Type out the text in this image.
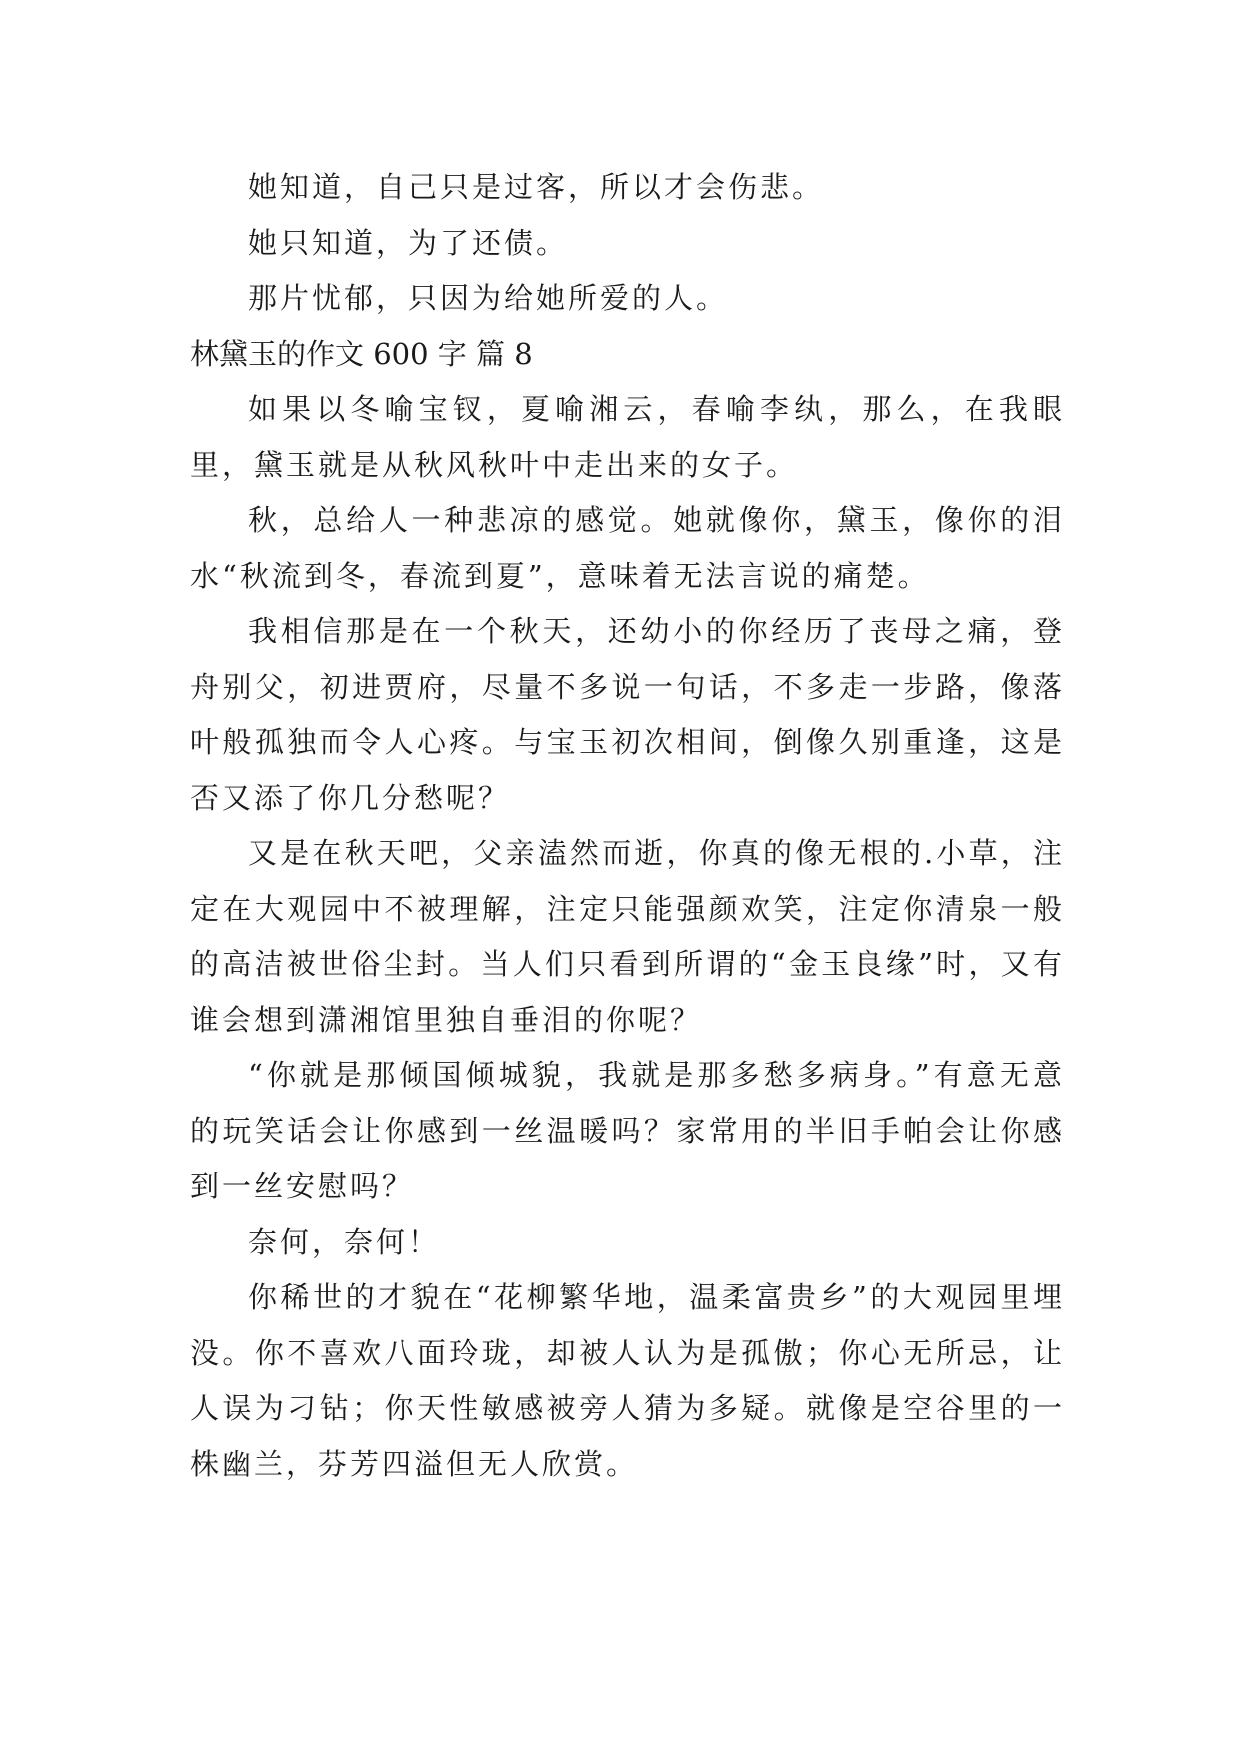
她知道，自己只是过客，所以才会伤悲。

她只知道，为了还债。

那片忧郁，只因为给她所爱的人。

林黛玉的作文 600 字 篇 8

如果以冬喻宝钗，夏喻湘云，春喻李纨，那么，在我眼里，黛玉就是从秋风秋叶中走出来的女子。

秋，总给人一种悲凉的感觉。她就像你，黛玉，像你的泪水“秋流到冬，春流到夏”，意味着无法言说的痛楚。

我相信那是在一个秋天，还幼小的你经历了丧母之痛，登舟别父，初进贾府，尽量不多说一句话，不多走一步路，像落叶般孤独而令人心疼。与宝玉初次相间，倒像久别重逢，这是否又添了你几分愁呢？

又是在秋天吧，父亲溘然而逝，你真的像无根的.小草，注定在大观园中不被理解，注定只能强颜欢笑，注定你清泉一般的高洁被世俗尘封。当人们只看到所谓的“金玉良缘”时，又有谁会想到潇湘馆里独自垂泪的你呢？

“你就是那倾国倾城貌，我就是那多愁多病身。”有意无意的玩笑话会让你感到一丝温暖吗？家常用的半旧手帕会让你感到一丝安慰吗？

奈何，奈何！

你稀世的才貌在“花柳繁华地，温柔富贵乡”的大观园里埋没。你不喜欢八面玲珑，却被人认为是孤傲；你心无所忌，让人误为刁钻；你天性敏感被旁人猜为多疑。就像是空谷里的一株幽兰，芬芳四溢但无人欣赏。
